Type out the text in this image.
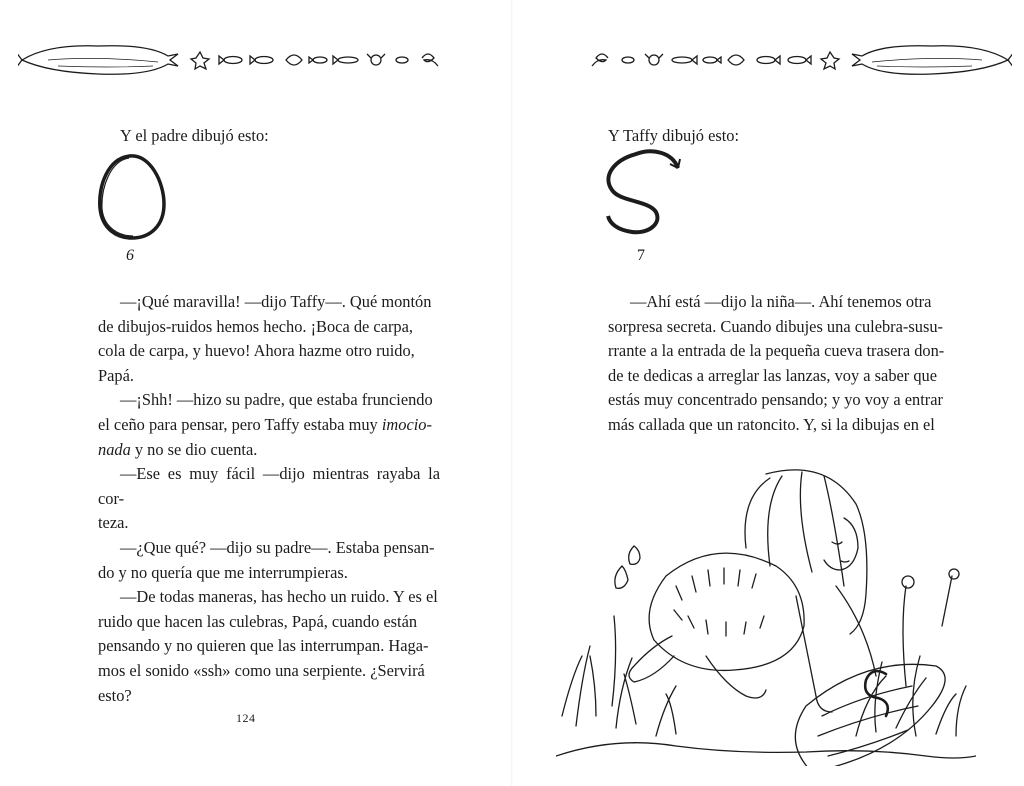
Y el padre dibujó esto:
6

—¡Qué maravilla! —dijo Taffy—. Qué montón
de dibujos-ruidos hemos hecho. ¡Boca de carpa,
cola de carpa, y huevo! Ahora hazme otro ruido,
Papá.

—¡Shh! —hizo su padre, que estaba frunciendo
el ceño para pensar, pero Taffy estaba muy imocio-
nada y no se dio cuenta.

—Ese es muy fácil —dijo mientras rayaba la cor-
teza.

—¿Que qué? —dijo su padre—. Estaba pensan-
do y no quería que me interrumpieras.

—De todas maneras, has hecho un ruido. Y es el
ruido que hacen las culebras, Papá, cuando están
pensando y no quieren que las interrumpan. Haga-
mos el sonido «ssh» como una serpiente. ¿Servirá
esto?

124
Y Taffy dibujó esto:
7

—Ahí está —dijo la niña—. Ahí tenemos otra
sorpresa secreta. Cuando dibujes una culebra-susu-
rrante a la entrada de la pequeña cueva trasera don-
de te dedicas a arreglar las lanzas, voy a saber que
estás muy concentrado pensando; y yo voy a entrar
más callada que un ratoncito. Y, si la dibujas en el
